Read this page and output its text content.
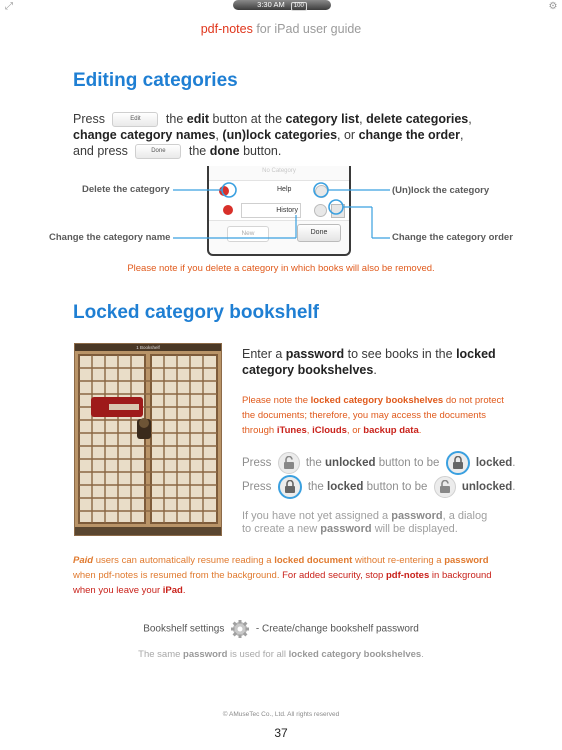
3:30 AM 100
⤢	⚙
pdf-notes for iPad user guide
Editing categories
Press	Edit the edit button at the category list, delete categories,
change category names, (un)lock categories, or change the order,
and press	Done the done button.
No Category
Help
History
New	Done
Delete the category
Change the category name
(Un)lock the category
Change the category order
Please note if you delete a category in which books will also be removed.
Locked category bookshelf
1 Bookshelf	Enter a password to see books in the locked
category bookshelves.
Please note the locked category bookshelves do not protect
the documents; therefore, you may access the documents
through iTunes, iClouds, or backup data.
Press	the unlocked button to be	locked.
Press	the locked button to be	unlocked.
If you have not yet assigned a password, a dialog
to create a new password will be displayed.
Paid users can automatically resume reading a locked document without re-entering a password
when pdf-notes is resumed from the background. For added security, stop pdf-notes in background
when you leave your iPad.
Bookshelf settings	- Create/change bookshelf password
The same password is used for all locked category bookshelves.
© AMuseTec Co., Ltd. All rights reserved
37
